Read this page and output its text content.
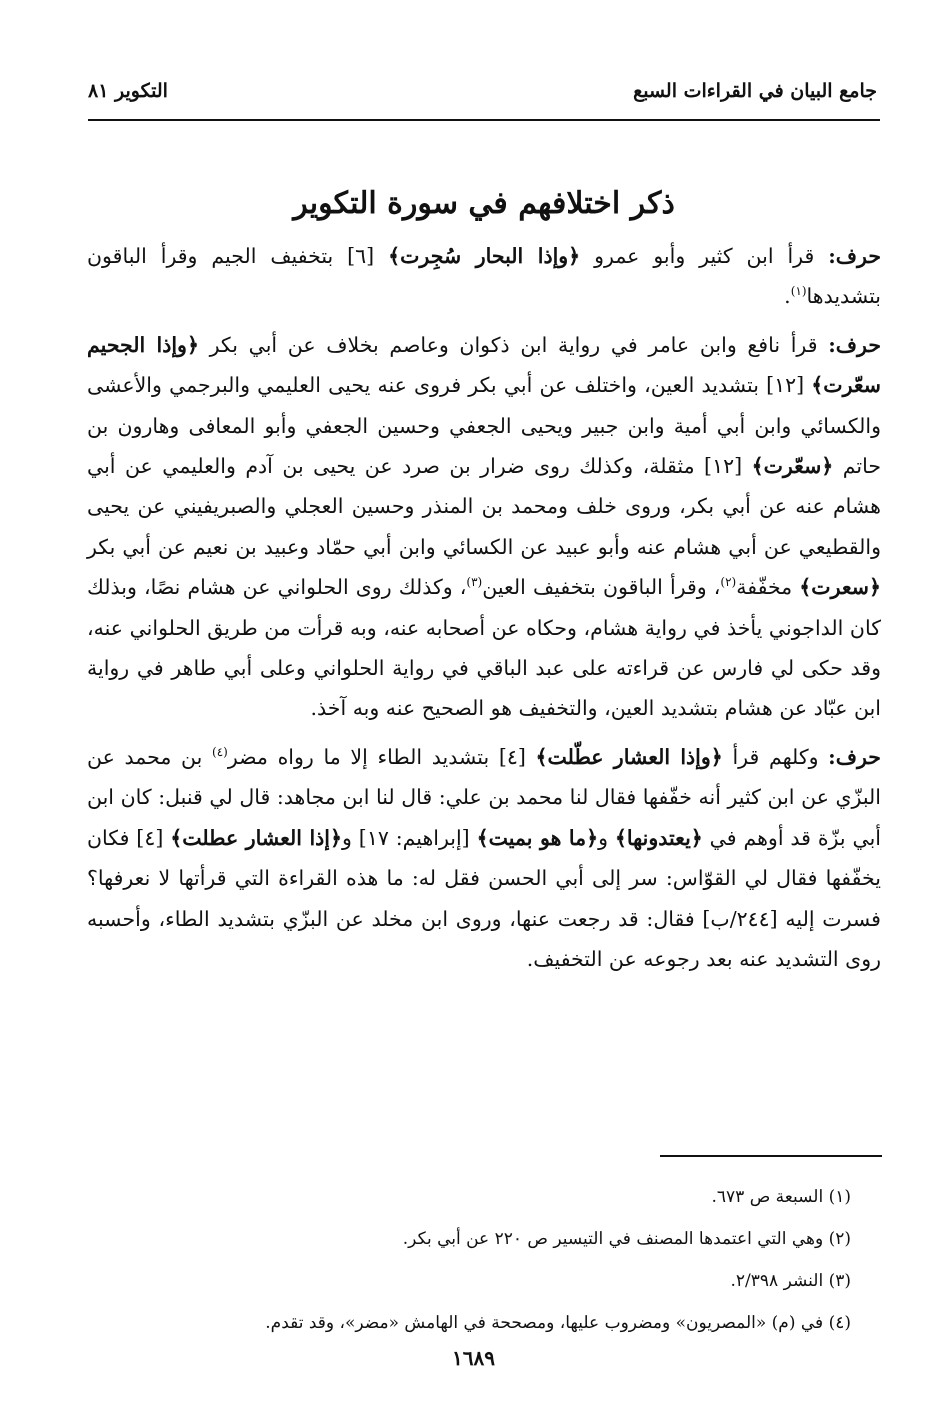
جامع البيان في القراءات السبع
التكوير ٨١
ذكر اختلافهم في سورة التكوير

حرف: قرأ ابن كثير وأبو عمرو ﴿وإذا البحار سُجِرت﴾ [٦] بتخفيف الجيم وقرأ الباقون بتشديدها$^{(١)}$.

حرف: قرأ نافع وابن عامر في رواية ابن ذكوان وعاصم بخلاف عن أبي بكر ﴿وإذا الجحيم سعّرت﴾ [١٢] بتشديد العين، واختلف عن أبي بكر فروى عنه يحيى العليمي والبرجمي والأعشى والكسائي وابن أبي أمية وابن جبير ويحيى الجعفي وحسين الجعفي وأبو المعافى وهارون بن حاتم ﴿سعّرت﴾ [١٢] مثقلة، وكذلك روى ضرار بن صرد عن يحيى بن آدم والعليمي عن أبي هشام عنه عن أبي بكر، وروى خلف ومحمد بن المنذر وحسين العجلي والصبريفيني عن يحيى والقطيعي عن أبي هشام عنه وأبو عبيد عن الكسائي وابن أبي حمّاد وعبيد بن نعيم عن أبي بكر ﴿سعرت﴾ مخفّفة$^{(٢)}$، وقرأ الباقون بتخفيف العين$^{(٣)}$، وكذلك روى الحلواني عن هشام نصًا، وبذلك كان الداجوني يأخذ في رواية هشام، وحكاه عن أصحابه عنه، وبه قرأت من طريق الحلواني عنه، وقد حكى لي فارس عن قراءته على عبد الباقي في رواية الحلواني وعلى أبي طاهر في رواية ابن عبّاد عن هشام بتشديد العين، والتخفيف هو الصحيح عنه وبه آخذ.

حرف: وكلهم قرأ ﴿وإذا العشار عطّلت﴾ [٤] بتشديد الطاء إلا ما رواه مضر$^{(٤)}$ بن محمد عن البزّي عن ابن كثير أنه خفّفها فقال لنا محمد بن علي: قال لنا ابن مجاهد: قال لي قنبل: كان ابن أبي بزّة قد أوهم في ﴿يعتدونها﴾ و﴿ما هو بميت﴾ [إبراهيم: ١٧] و﴿إذا العشار عطلت﴾ [٤] فكان يخفّفها فقال لي القوّاس: سر إلى أبي الحسن فقل له: ما هذه القراءة التي قرأتها لا نعرفها؟ فسرت إليه [٢٤٤/ب] فقال: قد رجعت عنها، وروى ابن مخلد عن البزّي بتشديد الطاء، وأحسبه روى التشديد عنه بعد رجوعه عن التخفيف.

(١) السبعة ص ٦٧٣.
(٢) وهي التي اعتمدها المصنف في التيسير ص ٢٢٠ عن أبي بكر.
(٣) النشر ٢/٣٩٨.
(٤) في (م) «المصريون» ومضروب عليها، ومصححة في الهامش «مضر»، وقد تقدم.
١٦٨٩
